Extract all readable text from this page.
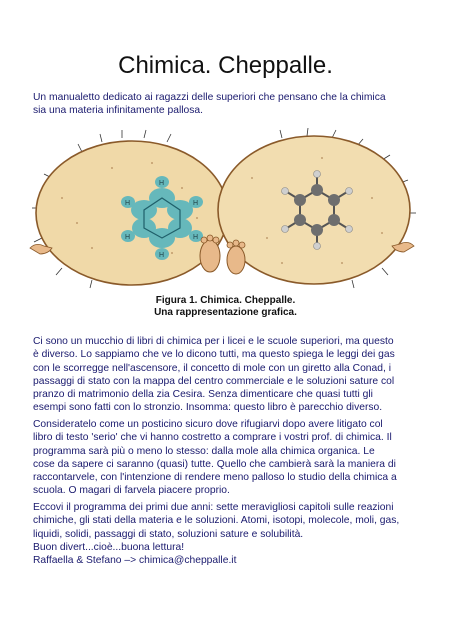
Chimica. Cheppalle.
Un manualetto dedicato ai ragazzi delle superiori che pensano che la chimica
sia una materia infinitamente pallosa.
H
H
H
H
H
H
Figura 1. Chimica. Cheppalle.
Una rappresentazione grafica.
Ci sono un mucchio di libri di chimica per i licei e le scuole superiori, ma questo
è diverso. Lo sappiamo che ve lo dicono tutti, ma questo spiega le leggi dei gas
con le scorregge nell'ascensore, il concetto di mole con un giretto alla Conad, i
passaggi di stato con la mappa del centro commerciale e le soluzioni sature col
pranzo di matrimonio della zia Cesira. Senza dimenticare che quasi tutti gli
esempi sono fatti con lo stronzio. Insomma: questo libro è parecchio diverso.
Consideratelo come un posticino sicuro dove rifugiarvi dopo avere litigato col
libro di testo 'serio' che vi hanno costretto a comprare i vostri prof. di chimica. Il
programma sarà più o meno lo stesso: dalla mole alla chimica organica. Le
cose da sapere ci saranno (quasi) tutte. Quello che cambierà sarà la maniera di
raccontarvele, con l'intenzione di rendere meno palloso lo studio della chimica a
scuola. O magari di farvela piacere proprio.
Eccovi il programma dei primi due anni: sette meravigliosi capitoli sulle reazioni
chimiche, gli stati della materia e le soluzioni. Atomi, isotopi, molecole, moli, gas,
liquidi, solidi, passaggi di stato, soluzioni sature e solubilità.
Buon divert...cioè...buona lettura!
Raffaella & Stefano –> chimica@cheppalle.it
